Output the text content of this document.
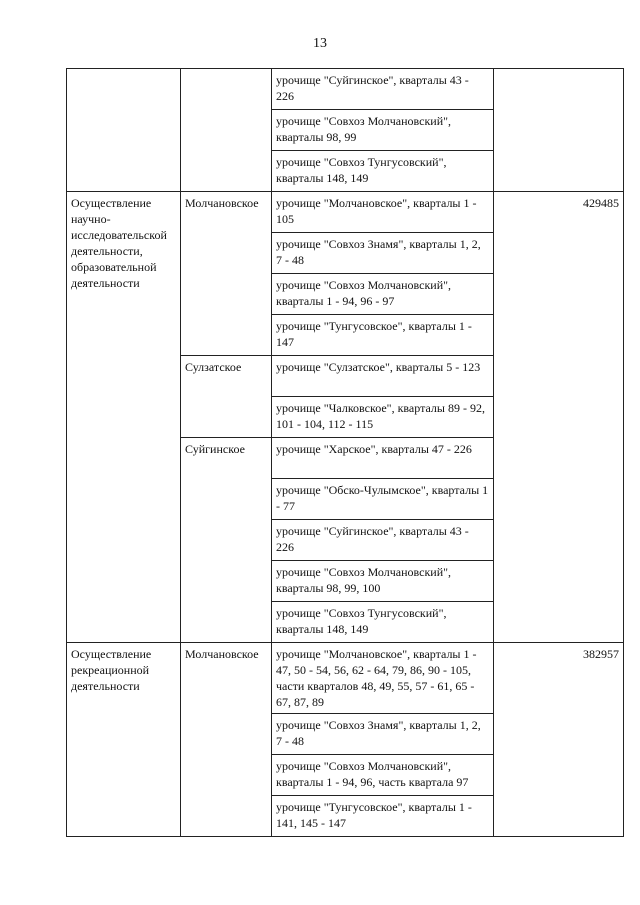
13
		урочище "Суйгинское", кварталы 43 - 226	
		урочище "Совхоз Молчановский", кварталы 98, 99	
		урочище "Совхоз Тунгусовский", кварталы 148, 149	
Осуществление научно-исследовательской деятельности, образовательной деятельности	Молчановское	урочище "Молчановское", кварталы 1 - 105	429485
		урочище "Совхоз Знамя", кварталы 1, 2, 7 - 48	
		урочище "Совхоз Молчановский", кварталы 1 - 94, 96 - 97	
		урочище "Тунгусовское", кварталы 1 - 147	
	Сулзатское	урочище "Сулзатское", кварталы 5 - 123	
		урочище "Чалковское", кварталы 89 - 92, 101 - 104, 112 - 115	
	Суйгинское	урочище "Харское", кварталы 47 - 226	
		урочище "Обско-Чулымское", кварталы 1 - 77	
		урочище "Суйгинское", кварталы 43 - 226	
		урочище "Совхоз Молчановский", кварталы 98, 99, 100	
		урочище "Совхоз Тунгусовский", кварталы 148, 149	
Осуществление рекреационной деятельности	Молчановское	урочище "Молчановское", кварталы 1 - 47, 50 - 54, 56, 62 - 64, 79, 86, 90 - 105, части кварталов 48, 49, 55, 57 - 61, 65 - 67, 87, 89	382957
		урочище "Совхоз Знамя", кварталы 1, 2, 7 - 48	
		урочище "Совхоз Молчановский", кварталы 1 - 94, 96, часть квартала 97	
		урочище "Тунгусовское", кварталы 1 - 141, 145 - 147	
